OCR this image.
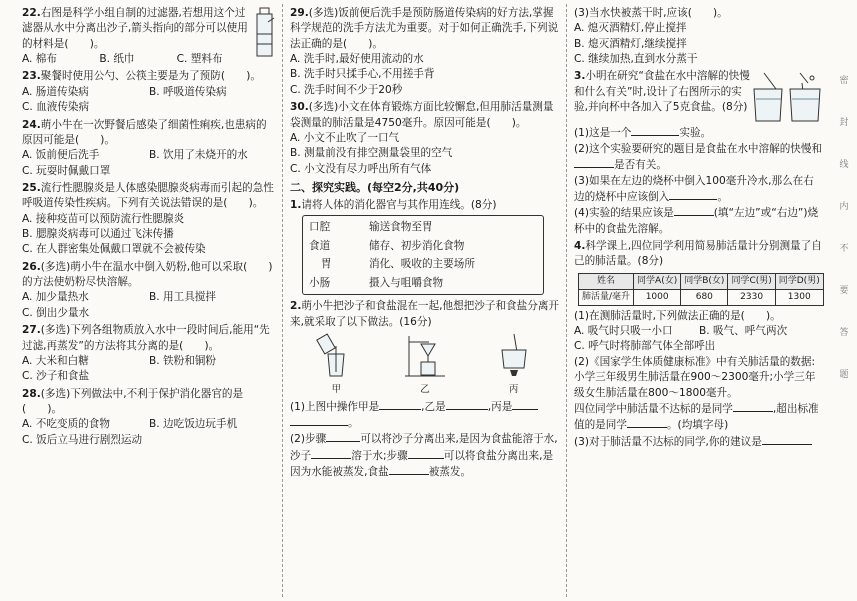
22.右图是科学小组自制的过滤器,若想用这个过滤器从水中分离出沙子,箭头指向的部分可以使用的材料是(　　)。
A. 棉布	B. 纸巾	C. 塑料布
23.聚餐时使用公勺、公筷主要是为了预防(　　)。
A. 肠道传染病	B. 呼吸道传染病
C. 血液传染病
24.萌小牛在一次野餐后感染了细菌性痢疾,也患病的原因可能是(　　)。
A. 饭前便后洗手	B. 饮用了未烧开的水
C. 玩耍时佩戴口罩
25.流行性腮腺炎是人体感染腮腺炎病毒而引起的急性呼吸道传染性疾病。下列有关说法错误的是(　　)。
A. 接种疫苗可以预防流行性腮腺炎
B. 腮腺炎病毒可以通过飞沫传播
C. 在人群密集处佩戴口罩就不会被传染
26.(多选)萌小牛在温水中倒入奶粉,他可以采取(　　)的方法使奶粉尽快溶解。
A. 加少量热水	B. 用工具搅拌
C. 倒出少量水
27.(多选)下列各组物质放入水中一段时间后,能用“先过滤,再蒸发”的方法将其分离的是(　　)。
A. 大米和白糖	B. 铁粉和铜粉
C. 沙子和食盐
28.(多选)下列做法中,不利于保护消化器官的是(　　)。
A. 不吃变质的食物	B. 边吃饭边玩手机
C. 饭后立马进行剧烈运动
29.(多选)饭前便后洗手是预防肠道传染病的好方法,掌握科学规范的洗手方法尤为重要。对于如何正确洗手,下列说法正确的是(　　)。
A. 洗手时,最好使用流动的水
B. 洗手时只揉手心,不用搓手背
C. 洗手时间不少于20秒
30.(多选)小文在体育锻炼方面比较懈怠,但用肺活量测量袋测量的肺活量是4750毫升。原因可能是(　　)。
A. 小文不止吹了一口气
B. 测量前没有排空测量袋里的空气
C. 小文没有尽力呼出所有气体
二、探究实践。(每空2分,共40分)
1.请将人体的消化器官与其作用连线。(8分)
口腔	输送食物至胃
食道	储存、初步消化食物
胃	消化、吸收的主要场所
小肠	摄入与咀嚼食物
2.萌小牛把沙子和食盐混在一起,他想把沙子和食盐分离开来,就采取了以下做法。(16分)
甲	乙	丙
(1)上图中操作甲是	,乙是	,丙是
。
(2)步骤	可以将沙子分离出来,是因为食盐能溶于水,沙子	溶于水;步骤	可以将食盐分离出来,是因为水能被蒸发,食盐	被蒸发。
(3)当水快被蒸干时,应该(　　)。
A. 熄灭酒精灯,停止搅拌
B. 熄灭酒精灯,继续搅拌
C. 继续加热,直到水分蒸干
3.小明在研究“食盐在水中溶解的快慢和什么有关”时,设计了右图所示的实验,并向杯中各加入了5克食盐。(8分)
(1)这是一个	实验。
(2)这个实验要研究的题目是食盐在水中溶解的快慢和是否有关。
(3)如果在左边的烧杯中倒入100毫升冷水,那么在右边的烧杯中应该倒入	。
(4)实验的结果应该是	(填“左边”或“右边”)烧杯中的食盐先溶解。
4.科学课上,四位同学利用简易肺活量计分别测量了自己的肺活量。(8分)
姓名	同学A(女)	同学B(女)	同学C(男)	同学D(男)
肺活量/毫升	1000	680	2330	1300
(1)在测肺活量时,下列做法正确的是(　　)。
A. 吸气时只吸一小口	B. 吸气、呼气两次
C. 呼气时将肺部气体全部呼出
(2)《国家学生体质健康标准》中有关肺活量的数据:小学三年级男生肺活量在900～2300毫升;小学三年级女生肺活量在800～1800毫升。
四位同学中肺活量不达标的是同学	,超出标准值的是同学	。(均填字母)
(3)对于肺活量不达标的同学,你的建议是
密
封
线
内
不
要
答
题
